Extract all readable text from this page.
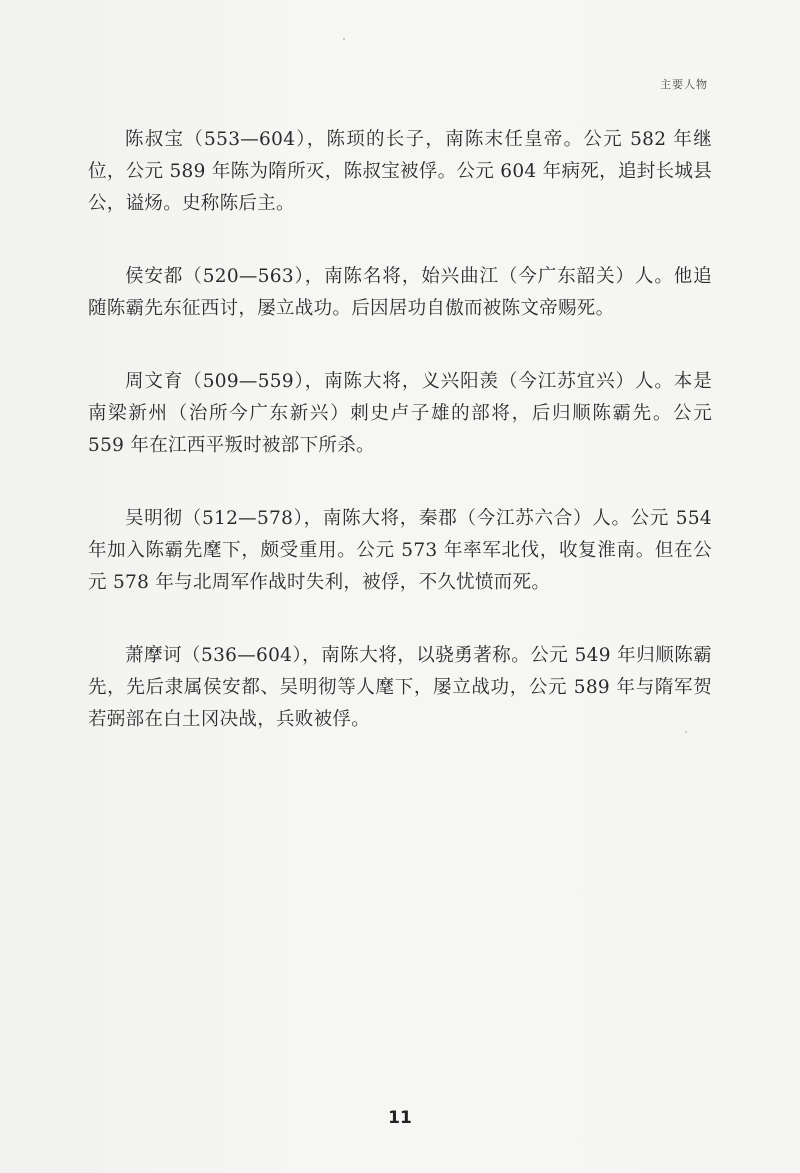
主要人物

陈叔宝（553—604），陈顼的长子，南陈末任皇帝。公元 582 年继位，公元 589 年陈为隋所灭，陈叔宝被俘。公元 604 年病死，追封长城县公，谥炀。史称陈后主。

侯安都（520—563），南陈名将，始兴曲江（今广东韶关）人。他追随陈霸先东征西讨，屡立战功。后因居功自傲而被陈文帝赐死。

周文育（509—559），南陈大将，义兴阳羡（今江苏宜兴）人。本是南梁新州（治所今广东新兴）刺史卢子雄的部将，后归顺陈霸先。公元 559 年在江西平叛时被部下所杀。

吴明彻（512—578），南陈大将，秦郡（今江苏六合）人。公元 554 年加入陈霸先麾下，颇受重用。公元 573 年率军北伐，收复淮南。但在公元 578 年与北周军作战时失利，被俘，不久忧愤而死。

萧摩诃（536—604），南陈大将，以骁勇著称。公元 549 年归顺陈霸先，先后隶属侯安都、吴明彻等人麾下，屡立战功，公元 589 年与隋军贺若弼部在白土冈决战，兵败被俘。

11
